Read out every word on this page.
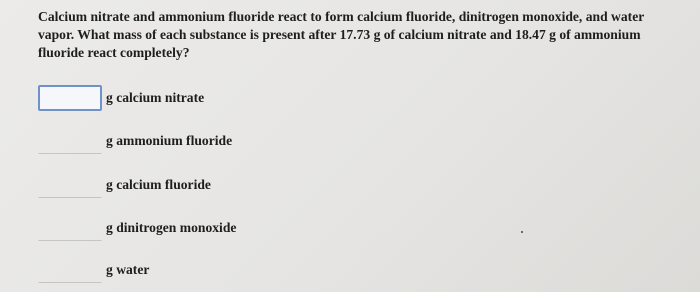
Calcium nitrate and ammonium fluoride react to form calcium fluoride, dinitrogen monoxide, and water vapor. What mass of each substance is present after 17.73 g of calcium nitrate and 18.47 g of ammonium fluoride react completely?

g calcium nitrate
g ammonium fluoride
g calcium fluoride
g dinitrogen monoxide
g water
